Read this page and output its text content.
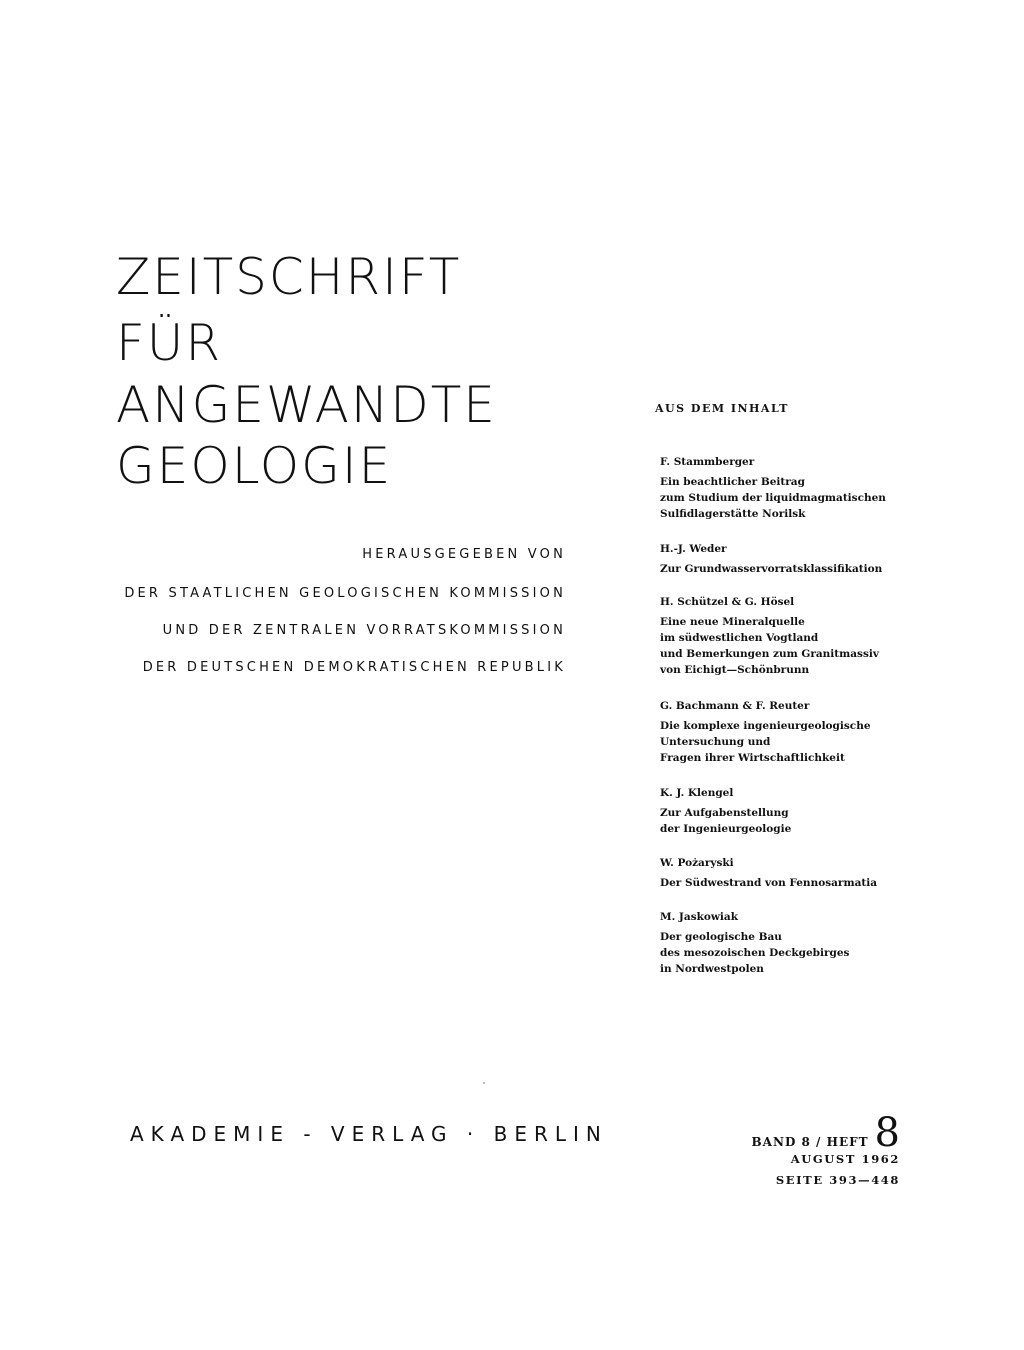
ZEITSCHRIFT
FÜR
ANGEWANDTE
GEOLOGIE
HERAUSGEGEBEN VON
DER STAATLICHEN GEOLOGISCHEN KOMMISSION
UND DER ZENTRALEN VORRATSKOMMISSION
DER DEUTSCHEN DEMOKRATISCHEN REPUBLIK
AUS DEM INHALT
F. Stammberger
Ein beachtlicher Beitrag
zum Studium der liquidmagmatischen
Sulfidlagerstätte Norilsk
H.-J. Weder
Zur Grundwasservorratsklassifikation
H. Schützel & G. Hösel
Eine neue Mineralquelle
im südwestlichen Vogtland
und Bemerkungen zum Granitmassiv
von Eichigt—Schönbrunn
G. Bachmann & F. Reuter
Die komplexe ingenieurgeologische
Untersuchung und
Fragen ihrer Wirtschaftlichkeit
K. J. Klengel
Zur Aufgabenstellung
der Ingenieurgeologie
W. Pożaryski
Der Südwestrand von Fennosarmatia
M. Jaskowiak
Der geologische Bau
des mesozoischen Deckgebirges
in Nordwestpolen
AKADEMIE - VERLAG · BERLIN	BAND 8 / HEFT 8
AUGUST 1962
SEITE 393—448
